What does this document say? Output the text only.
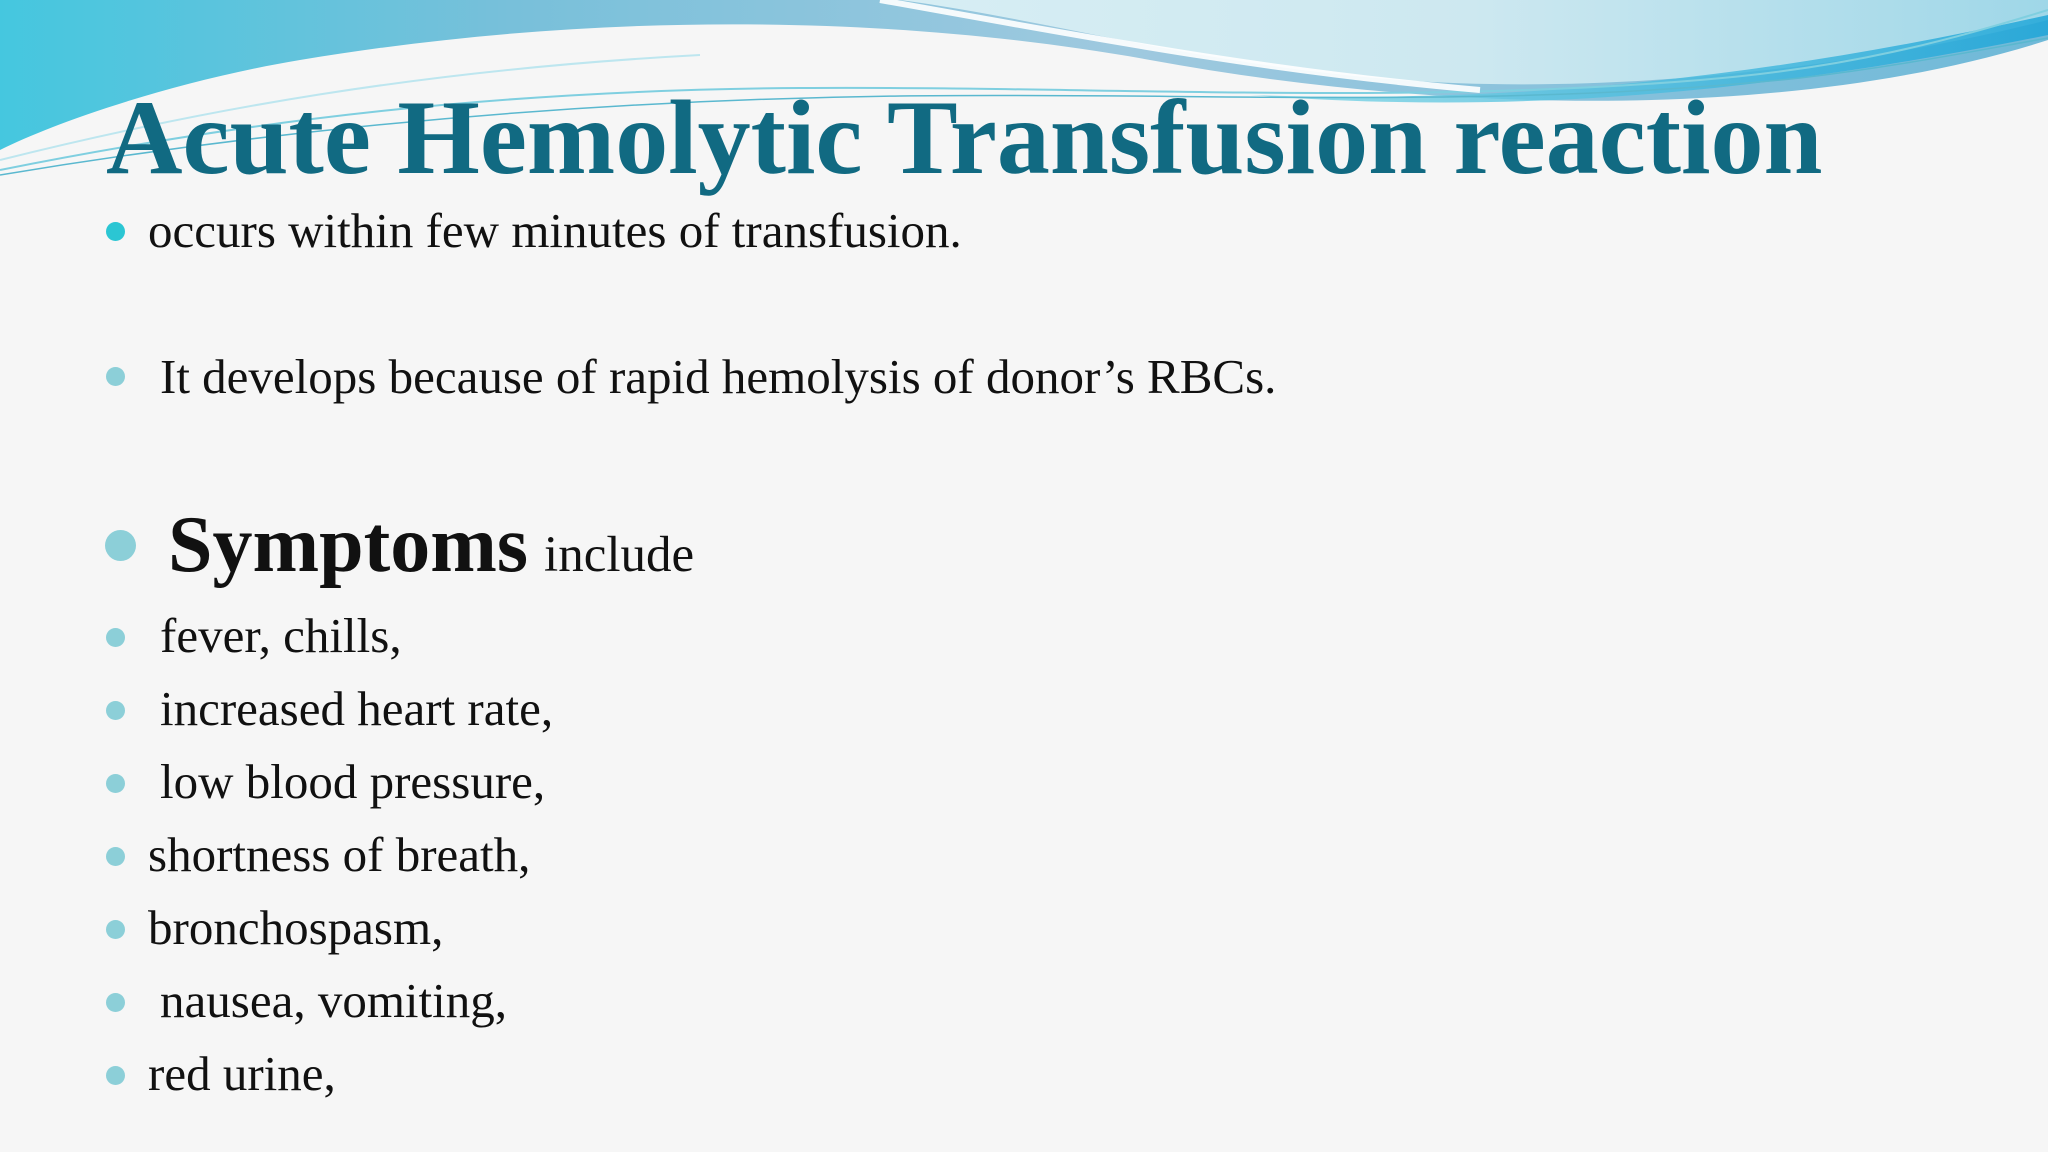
Acute Hemolytic Transfusion reaction
occurs within few minutes of transfusion.
It develops because of rapid hemolysis of donor’s RBCs.
Symptoms include
fever, chills,
increased heart rate,
low blood pressure,
shortness of breath,
bronchospasm,
nausea, vomiting,
red urine,
